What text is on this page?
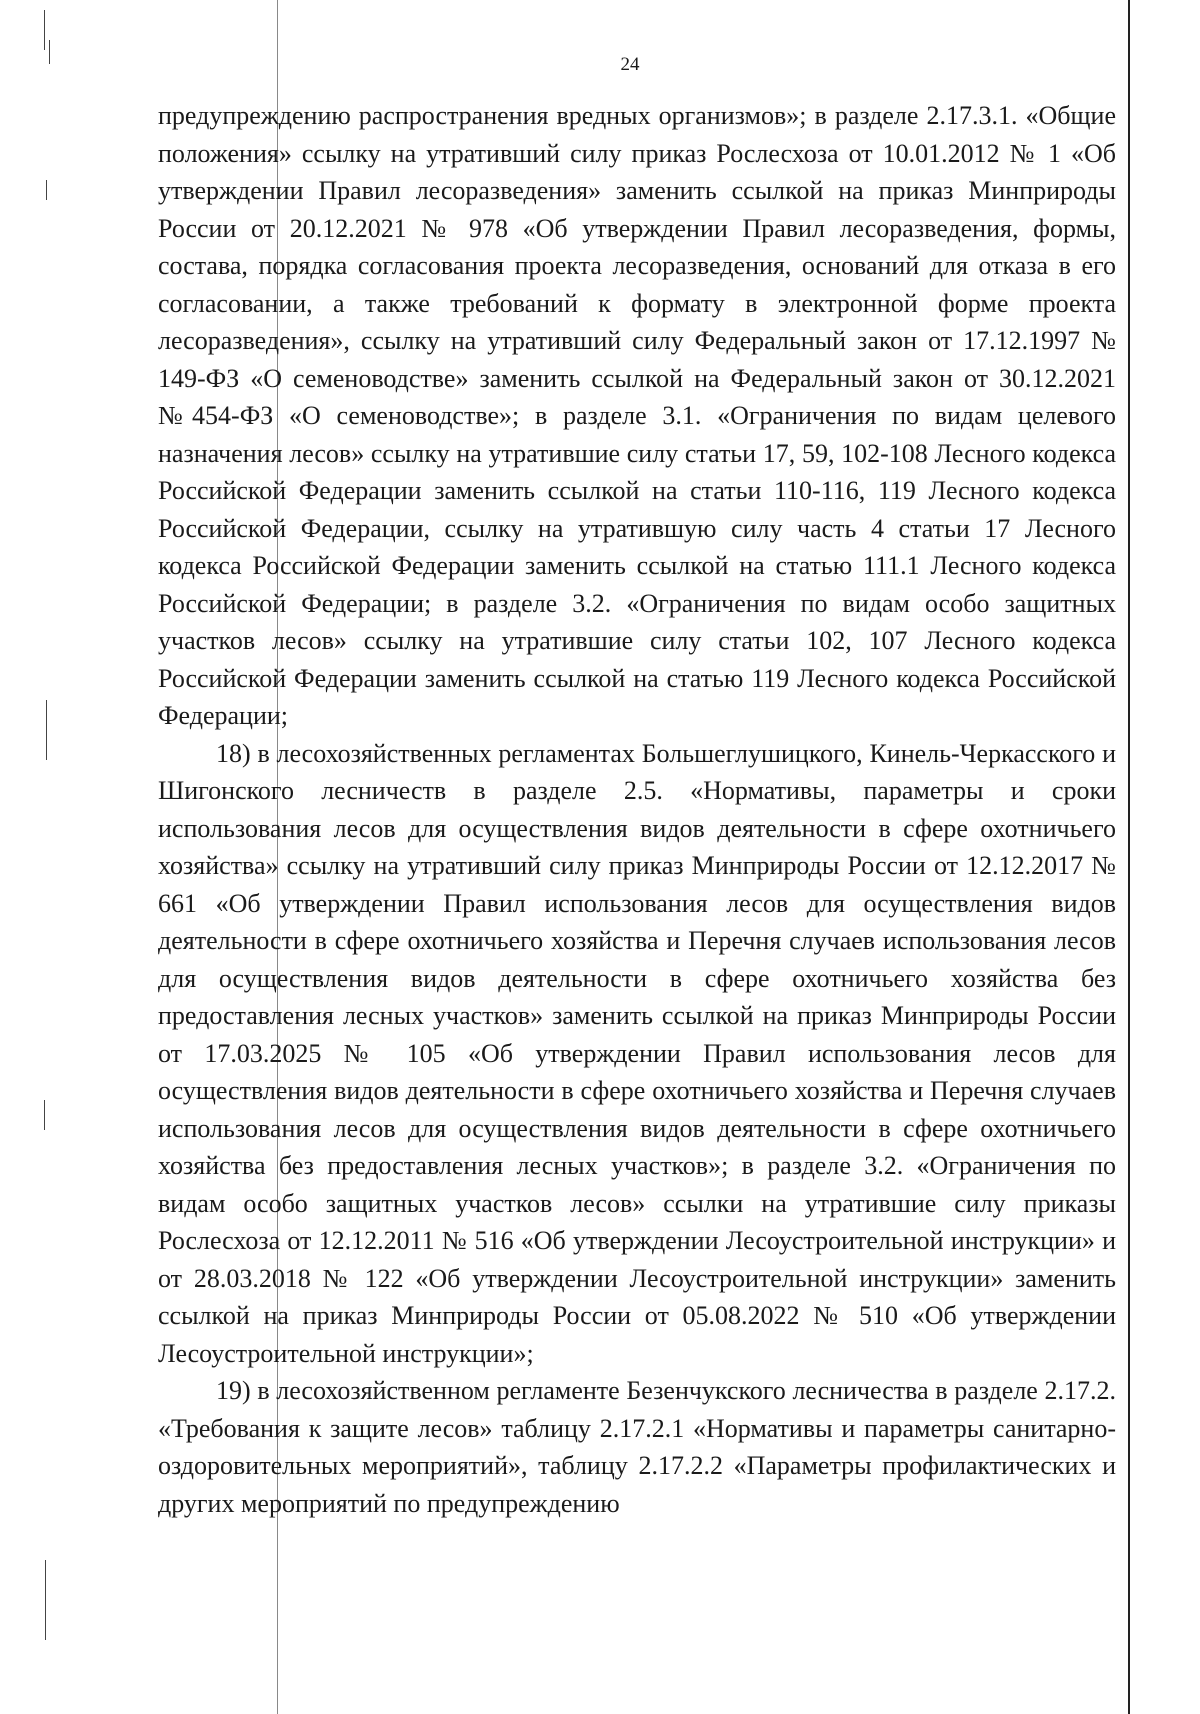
24

предупреждению распространения вредных организмов»; в разделе 2.17.3.1. «Общие положения» ссылку на утративший силу приказ Рослесхоза от 10.01.2012 № 1 «Об утверждении Правил лесоразведения» заменить ссылкой на приказ Минприроды России от 20.12.2021 № 978 «Об утверждении Правил лесоразведения, формы, состава, порядка согласования проекта лесоразведения, оснований для отказа в его согласовании, а также требований к формату в электронной форме проекта лесоразведения», ссылку на утративший силу Федеральный закон от 17.12.1997 № 149-ФЗ «О семеноводстве» заменить ссылкой на Федеральный закон от 30.12.2021 №454-ФЗ «О семеноводстве»; в разделе 3.1. «Ограничения по видам целевого назначения лесов» ссылку на утратившие силу статьи 17, 59, 102-108 Лесного кодекса Российской Федерации заменить ссылкой на статьи 110-116, 119 Лесного кодекса Российской Федерации, ссылку на утратившую силу часть 4 статьи 17 Лесного кодекса Российской Федерации заменить ссылкой на статью 111.1 Лесного кодекса Российской Федерации; в разделе 3.2. «Ограничения по видам особо защитных участков лесов» ссылку на утратившие силу статьи 102, 107 Лесного кодекса Российской Федерации заменить ссылкой на статью 119 Лесного кодекса Российской Федерации;

18) в лесохозяйственных регламентах Большеглушицкого, Кинель-Черкасского и Шигонского лесничеств в разделе 2.5. «Нормативы, параметры и сроки использования лесов для осуществления видов деятельности в сфере охотничьего хозяйства» ссылку на утративший силу приказ Минприроды России от 12.12.2017 № 661 «Об утверждении Правил использования лесов для осуществления видов деятельности в сфере охотничьего хозяйства и Перечня случаев использования лесов для осуществления видов деятельности в сфере охотничьего хозяйства без предоставления лесных участков» заменить ссылкой на приказ Минприроды России от 17.03.2025 № 105 «Об утверждении Правил использования лесов для осуществления видов деятельности в сфере охотничьего хозяйства и Перечня случаев использования лесов для осуществления видов деятельности в сфере охотничьего хозяйства без предоставления лесных участков»; в разделе 3.2. «Ограничения по видам особо защитных участков лесов» ссылки на утратившие силу приказы Рослесхоза от 12.12.2011 № 516 «Об утверждении Лесоустроительной инструкции» и от 28.03.2018 № 122 «Об утверждении Лесоустроительной инструкции» заменить ссылкой на приказ Минприроды России от 05.08.2022 № 510 «Об утверждении Лесоустроительной инструкции»;

19) в лесохозяйственном регламенте Безенчукского лесничества в разделе 2.17.2. «Требования к защите лесов» таблицу 2.17.2.1 «Нормативы и параметры санитарно-оздоровительных мероприятий», таблицу 2.17.2.2 «Параметры профилактических и других мероприятий по предупреждению
